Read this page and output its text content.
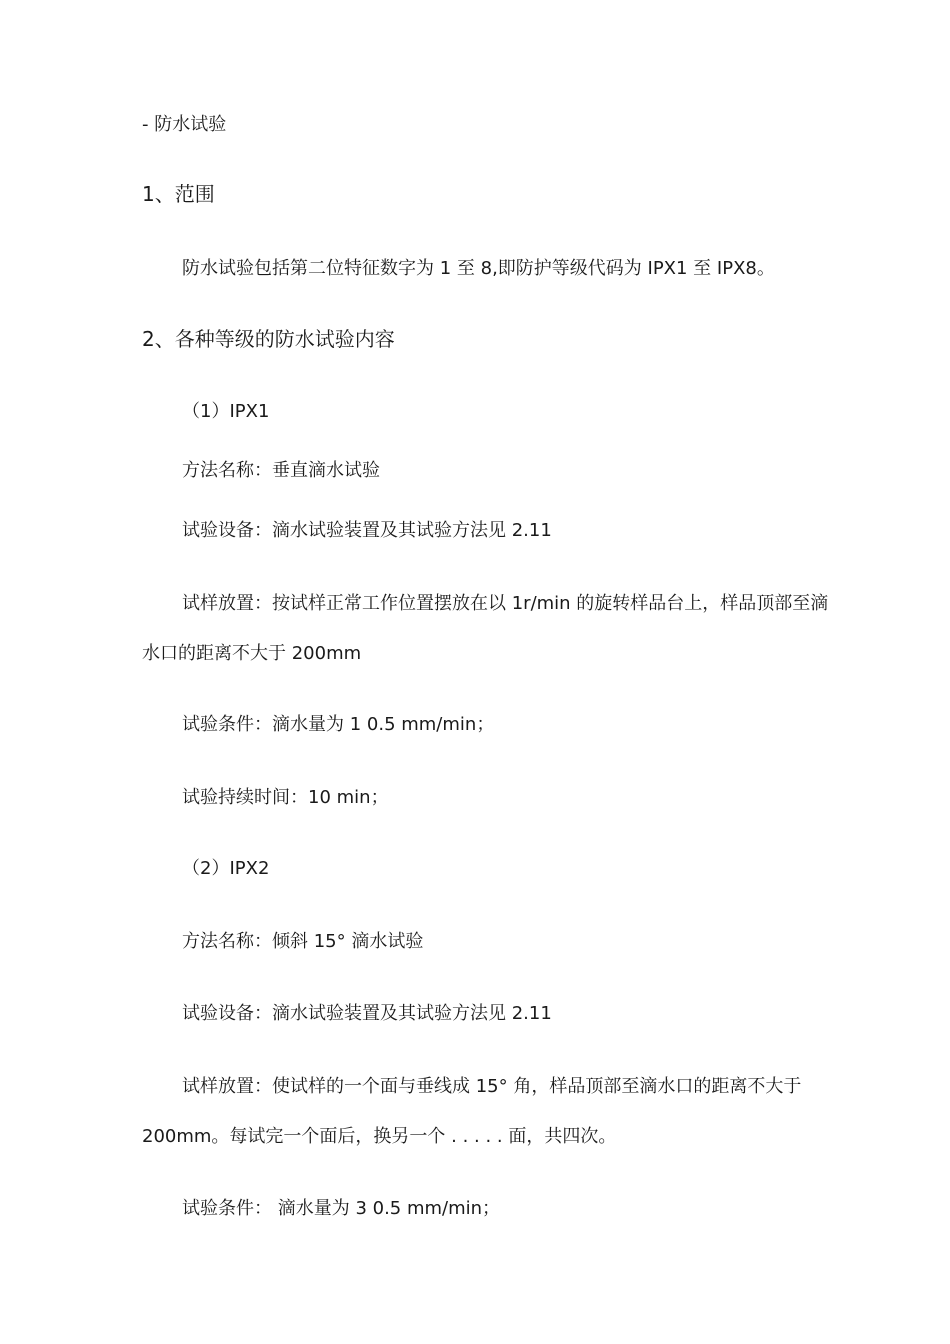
- 防水试验
1、范围
防水试验包括第二位特征数字为 1 至 8,即防护等级代码为 IPX1 至 IPX8。
2、各种等级的防水试验内容
（1）IPX1
方法名称：垂直滴水试验
试验设备：滴水试验装置及其试验方法见 2.11
试样放置：按试样正常工作位置摆放在以 1r/min 的旋转样品台上，样品顶部至滴
水口的距离不大于 200mm
试验条件：滴水量为 1 0.5 mm/min；
试验持续时间：10 min；
（2）IPX2
方法名称：倾斜 15° 滴水试验
试验设备：滴水试验装置及其试验方法见 2.11
试样放置：使试样的一个面与垂线成 15° 角，样品顶部至滴水口的距离不大于
200mm。每试完一个面后，换另一个 . . . . . 面，共四次。
试验条件： 滴水量为 3 0.5 mm/min；
